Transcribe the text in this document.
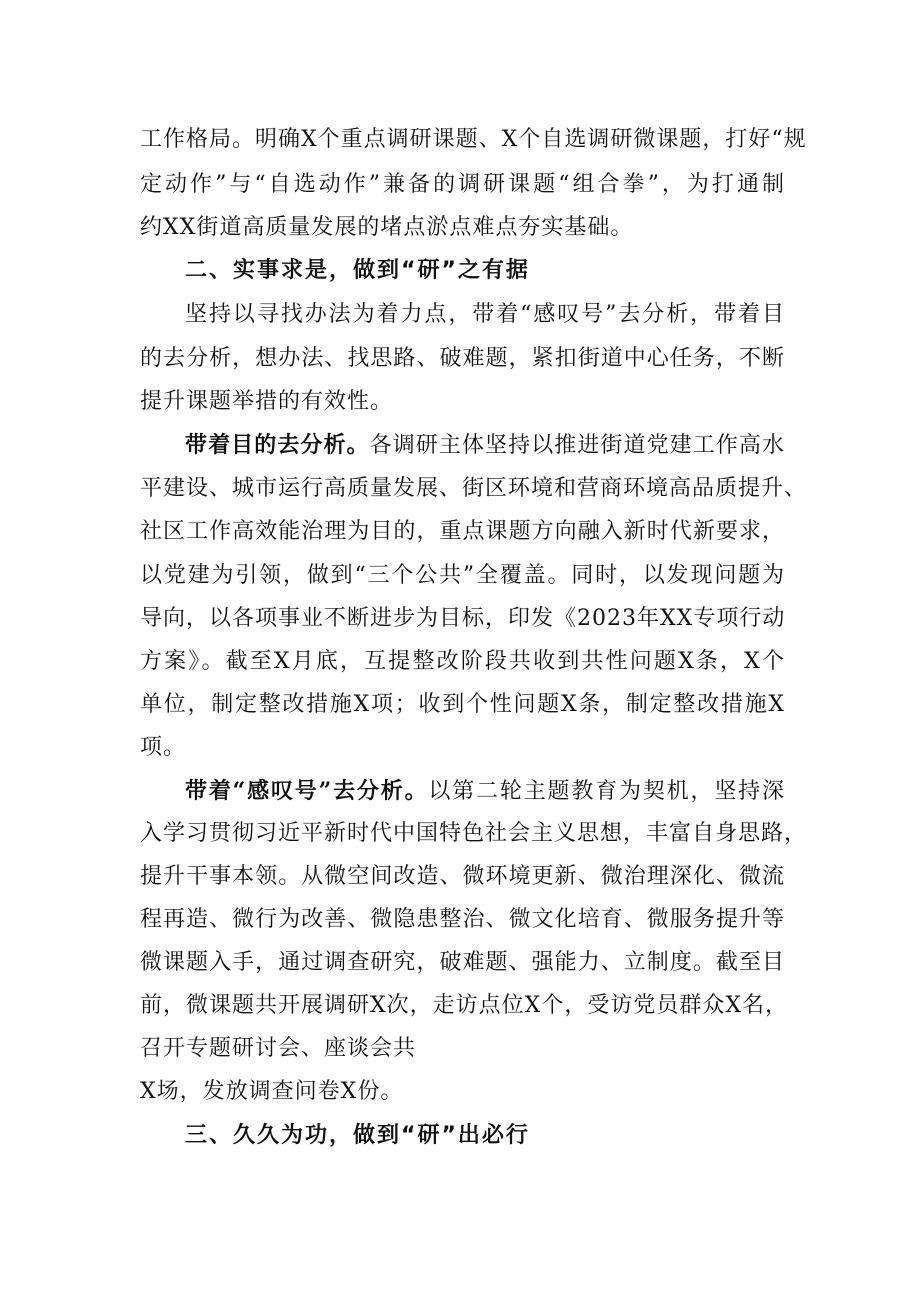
工作格局。明确X个重点调研课题、X个自选调研微课题，打好“规
定动作”与“自选动作”兼备的调研课题“组合拳”，为打通制
约XX街道高质量发展的堵点淤点难点夯实基础。
二、实事求是，做到“研”之有据
坚持以寻找办法为着力点，带着“感叹号”去分析，带着目
的去分析，想办法、找思路、破难题，紧扣街道中心任务，不断
提升课题举措的有效性。
带着目的去分析。各调研主体坚持以推进街道党建工作高水
平建设、城市运行高质量发展、街区环境和营商环境高品质提升、
社区工作高效能治理为目的，重点课题方向融入新时代新要求，
以党建为引领，做到“三个公共”全覆盖。同时，以发现问题为
导向，以各项事业不断进步为目标，印发《2023年XX专项行动
方案》。截至X月底，互提整改阶段共收到共性问题X条，X个
单位，制定整改措施X项；收到个性问题X条，制定整改措施X
项。
带着“感叹号”去分析。以第二轮主题教育为契机，坚持深
入学习贯彻习近平新时代中国特色社会主义思想，丰富自身思路，
提升干事本领。从微空间改造、微环境更新、微治理深化、微流
程再造、微行为改善、微隐患整治、微文化培育、微服务提升等
微课题入手，通过调查研究，破难题、强能力、立制度。截至目
前，微课题共开展调研X次，走访点位X个，受访党员群众X名，
召开专题研讨会、座谈会共
X场，发放调查问卷X份。
三、久久为功，做到“研”出必行
